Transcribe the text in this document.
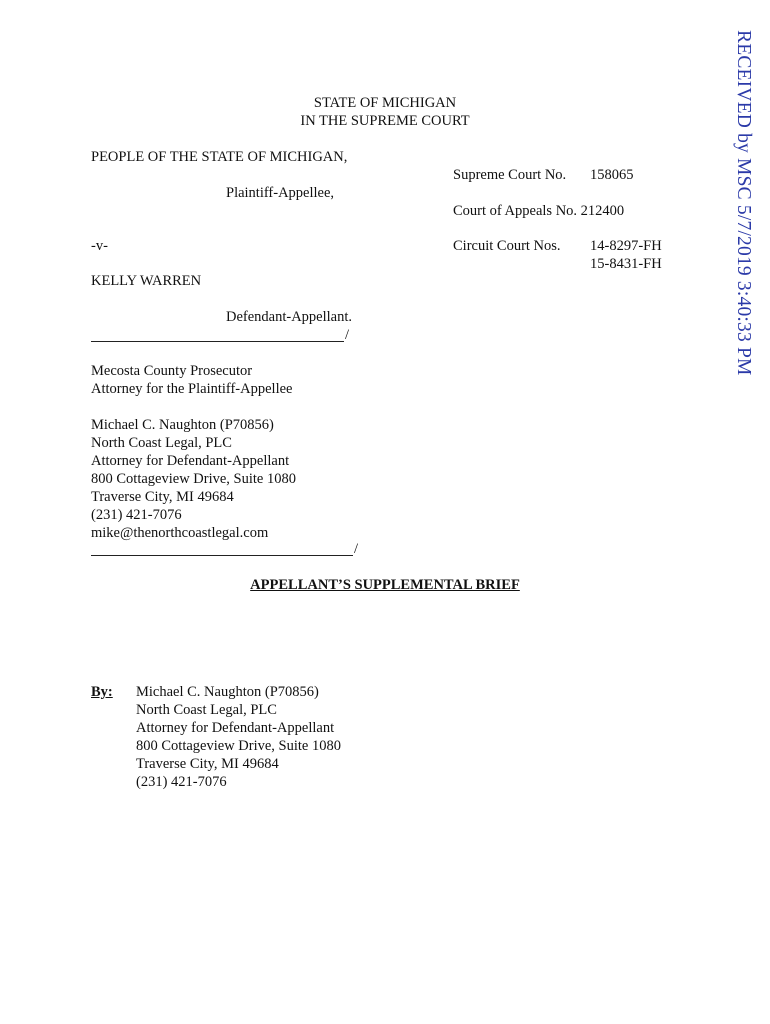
RECEIVED by MSC 5/7/2019 3:40:33 PM
STATE OF MICHIGAN
IN THE SUPREME COURT
PEOPLE OF THE STATE OF MICHIGAN,
Plaintiff-Appellee,
-v-
KELLY WARREN
Defendant-Appellant.
/
Supreme Court No. 158065
Court of Appeals No. 212400
Circuit Court Nos. 14-8297-FH
15-8431-FH
Mecosta County Prosecutor
Attorney for the Plaintiff-Appellee
Michael C. Naughton (P70856)
North Coast Legal, PLC
Attorney for Defendant-Appellant
800 Cottageview Drive, Suite 1080
Traverse City, MI 49684
(231) 421-7076
mike@thenorthcoastlegal.com
/
APPELLANT’S SUPPLEMENTAL BRIEF
By: Michael C. Naughton (P70856)
North Coast Legal, PLC
Attorney for Defendant-Appellant
800 Cottageview Drive, Suite 1080
Traverse City, MI 49684
(231) 421-7076
